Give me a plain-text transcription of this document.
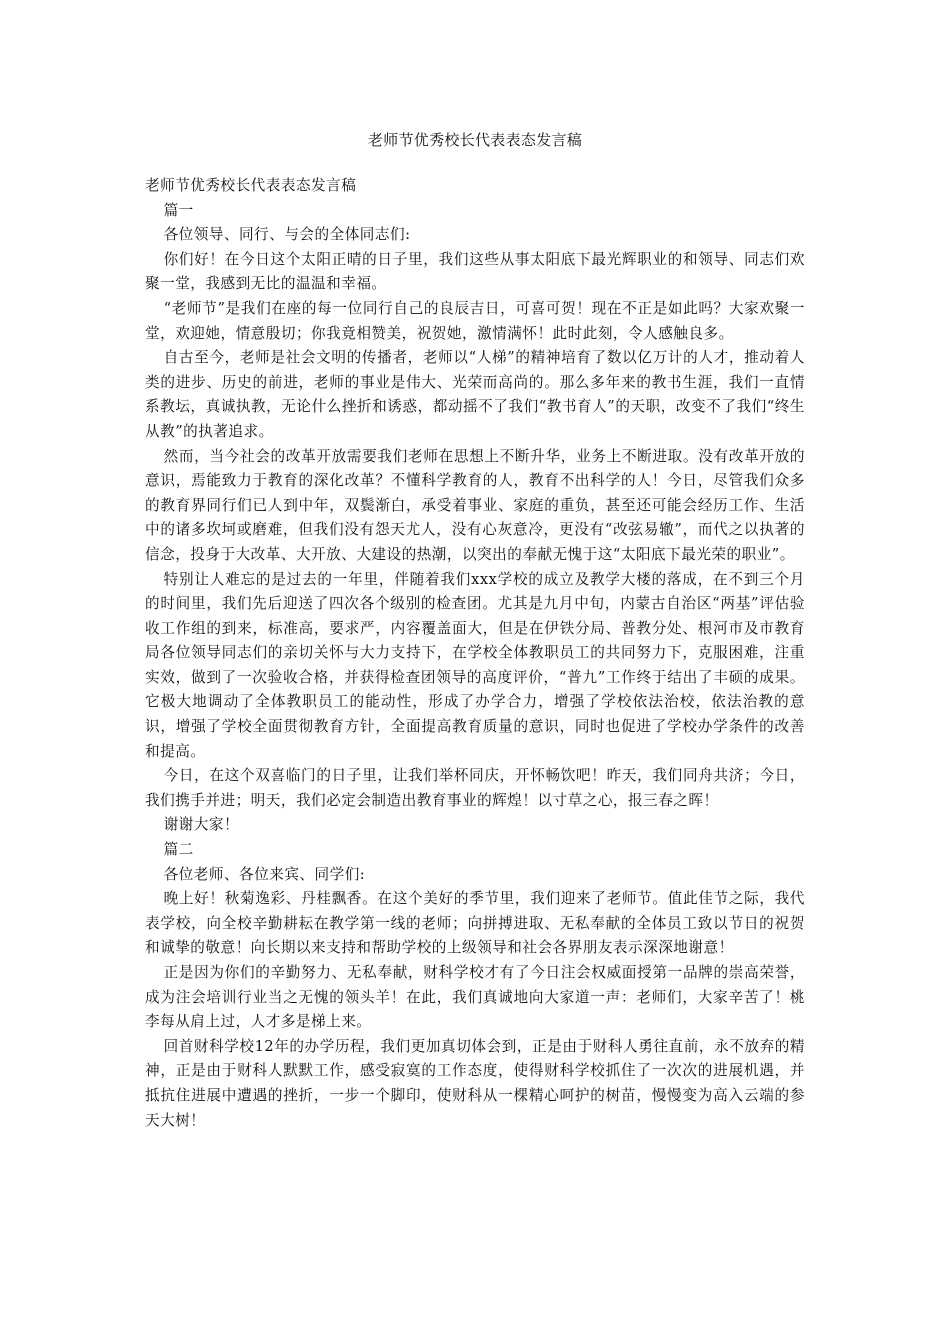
老师节优秀校长代表表态发言稿

老师节优秀校长代表表态发言稿

篇一

各位领导、同行、与会的全体同志们:

你们好！在今日这个太阳正晴的日子里，我们这些从事太阳底下最光辉职业的和领导、同志们欢聚一堂，我感到无比的温温和幸福。

“老师节”是我们在座的每一位同行自己的良辰吉日，可喜可贺！现在不正是如此吗？大家欢聚一堂，欢迎她，情意殷切；你我竟相赞美，祝贺她，激情满怀！此时此刻，令人感触良多。

自古至今，老师是社会文明的传播者，老师以“人梯”的精神培育了数以亿万计的人才，推动着人类的进步、历史的前进，老师的事业是伟大、光荣而高尚的。那么多年来的教书生涯，我们一直情系教坛，真诚执教，无论什么挫折和诱惑，都动摇不了我们“教书育人”的天职，改变不了我们“终生从教”的执著追求。

然而，当今社会的改革开放需要我们老师在思想上不断升华，业务上不断进取。没有改革开放的意识，焉能致力于教育的深化改革？不懂科学教育的人，教育不出科学的人！今日，尽管我们众多的教育界同行们已人到中年，双鬓渐白，承受着事业、家庭的重负，甚至还可能会经历工作、生活中的诸多坎坷或磨难，但我们没有怨天尤人，没有心灰意冷，更没有“改弦易辙”，而代之以执著的信念，投身于大改革、大开放、大建设的热潮，以突出的奉献无愧于这“太阳底下最光荣的职业”。

特别让人难忘的是过去的一年里，伴随着我们xxx学校的成立及教学大楼的落成，在不到三个月的时间里，我们先后迎送了四次各个级别的检查团。尤其是九月中旬，内蒙古自治区“两基”评估验收工作组的到来，标准高，要求严，内容覆盖面大，但是在伊铁分局、普教分处、根河市及市教育局各位领导同志们的亲切关怀与大力支持下，在学校全体教职员工的共同努力下，克服困难，注重实效，做到了一次验收合格，并获得检查团领导的高度评价，“普九”工作终于结出了丰硕的成果。它极大地调动了全体教职员工的能动性，形成了办学合力，增强了学校依法治校，依法治教的意识，增强了学校全面贯彻教育方针，全面提高教育质量的意识，同时也促进了学校办学条件的改善和提高。

今日，在这个双喜临门的日子里，让我们举杯同庆，开怀畅饮吧！昨天，我们同舟共济；今日，我们携手并进；明天，我们必定会制造出教育事业的辉煌！以寸草之心，报三春之晖！

谢谢大家！

篇二

各位老师、各位来宾、同学们:

晚上好！秋菊逸彩、丹桂飘香。在这个美好的季节里，我们迎来了老师节。值此佳节之际，我代表学校，向全校辛勤耕耘在教学第一线的老师；向拼搏进取、无私奉献的全体员工致以节日的祝贺和诚挚的敬意！向长期以来支持和帮助学校的上级领导和社会各界朋友表示深深地谢意！

正是因为你们的辛勤努力、无私奉献，财科学校才有了今日注会权威面授第一品牌的崇高荣誉，成为注会培训行业当之无愧的领头羊！在此，我们真诚地向大家道一声：老师们，大家辛苦了！桃李每从肩上过，人才多是梯上来。

回首财科学校12年的办学历程，我们更加真切体会到，正是由于财科人勇往直前，永不放弃的精神，正是由于财科人默默工作，感受寂寞的工作态度，使得财科学校抓住了一次次的进展机遇，并抵抗住进展中遭遇的挫折，一步一个脚印，使财科从一棵精心呵护的树苗，慢慢变为高入云端的参天大树！
